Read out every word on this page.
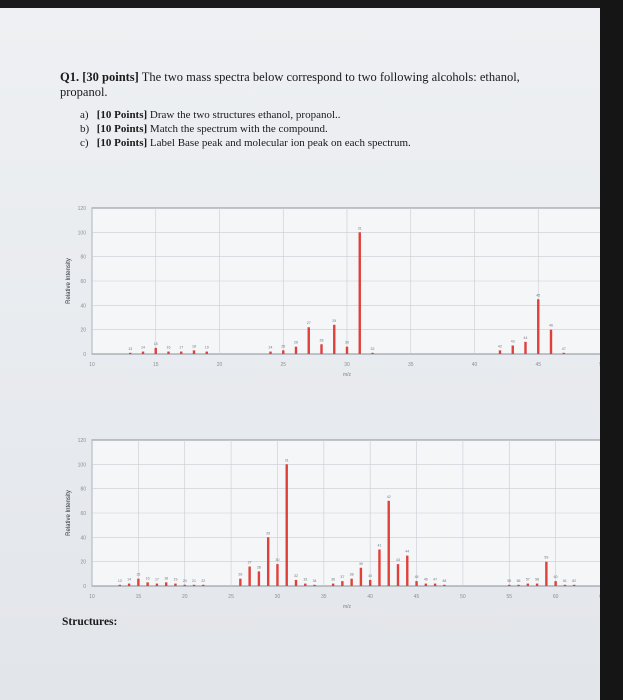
Q1. [30 points] The two mass spectra below correspond to two following alcohols: ethanol, propanol.
a) [10 Points] Draw the two structures ethanol, propanol..
b) [10 Points] Match the spectrum with the compound.
c) [10 Points] Label Base peak and molecular ion peak on each spectrum.
120
100
80
60
40
20
0
10	15	20	25	30	35	40	45
m/z
Relative Intensity
13	14
15
16	17	18	19	24	25
26
27
28
29
30
31
32
42
43
44
45
46
47
120
100
80
60
40
20
0
10	15	20	25	30	35	40	45	50	55	60
m/z
Relative Intensity
13 14
15
16 17 18 19 20 21 22
26
27
28
29
30
31
32
33 34	36
37
38
39
40
41
42
43
44
45
46 47 48	55 56 57 58
59
60
61 62
Structures:
